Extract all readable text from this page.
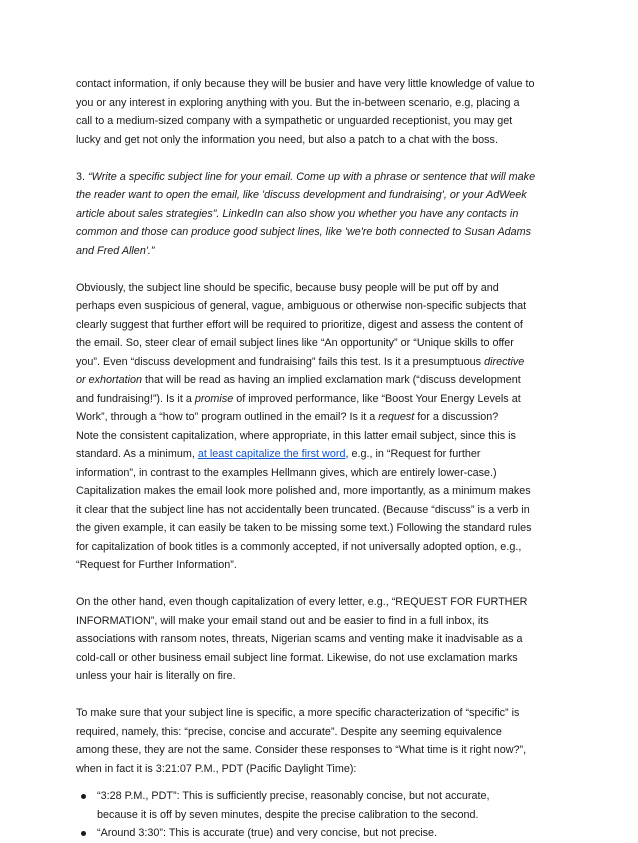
contact information, if only because they will be busier and have very little knowledge of value to
you or any interest in exploring anything with you. But the in-between scenario, e.g, placing a
call to a medium-sized company with a sympathetic or unguarded receptionist, you may get
lucky and get not only the information you need, but also a patch to a chat with the boss.
3. “Write a specific subject line for your email. Come up with a phrase or sentence that will make
the reader want to open the email, like 'discuss development and fundraising', or your AdWeek
article about sales strategies”. LinkedIn can also show you whether you have any contacts in
common and those can produce good subject lines, like 'we're both connected to Susan Adams
and Fred Allen'.”
Obviously, the subject line should be specific, because busy people will be put off by and
perhaps even suspicious of general, vague, ambiguous or otherwise non-specific subjects that
clearly suggest that further effort will be required to prioritize, digest and assess the content of
the email. So, steer clear of email subject lines like “An opportunity” or “Unique skills to offer
you”. Even “discuss development and fundraising” fails this test. Is it a presumptuous directive
or exhortation that will be read as having an implied exclamation mark (“discuss development
and fundraising!”). Is it a promise of improved performance, like “Boost Your Energy Levels at
Work”, through a “how to” program outlined in the email? Is it a request for a discussion?
Note the consistent capitalization, where appropriate, in this latter email subject, since this is
standard. As a minimum, at least capitalize the first word, e.g., in “Request for further
information”, in contrast to the examples Hellmann gives, which are entirely lower-case.)
Capitalization makes the email look more polished and, more importantly, as a minimum makes
it clear that the subject line has not accidentally been truncated. (Because “discuss” is a verb in
the given example, it can easily be taken to be missing some text.) Following the standard rules
for capitalization of book titles is a commonly accepted, if not universally adopted option, e.g.,
“Request for Further Information”.
On the other hand, even though capitalization of every letter, e.g., “REQUEST FOR FURTHER
INFORMATION”, will make your email stand out and be easier to find in a full inbox, its
associations with ransom notes, threats, Nigerian scams and venting make it inadvisable as a
cold-call or other business email subject line format. Likewise, do not use exclamation marks
unless your hair is literally on fire.
To make sure that your subject line is specific, a more specific characterization of “specific” is
required, namely, this: “precise, concise and accurate”. Despite any seeming equivalence
among these, they are not the same. Consider these responses to “What time is it right now?”,
when in fact it is 3:21:07 P.M., PDT (Pacific Daylight Time):
“3:28 P.M., PDT”: This is sufficiently precise, reasonably concise, but not accurate,
because it is off by seven minutes, despite the precise calibration to the second.
“Around 3:30”: This is accurate (true) and very concise, but not precise.
